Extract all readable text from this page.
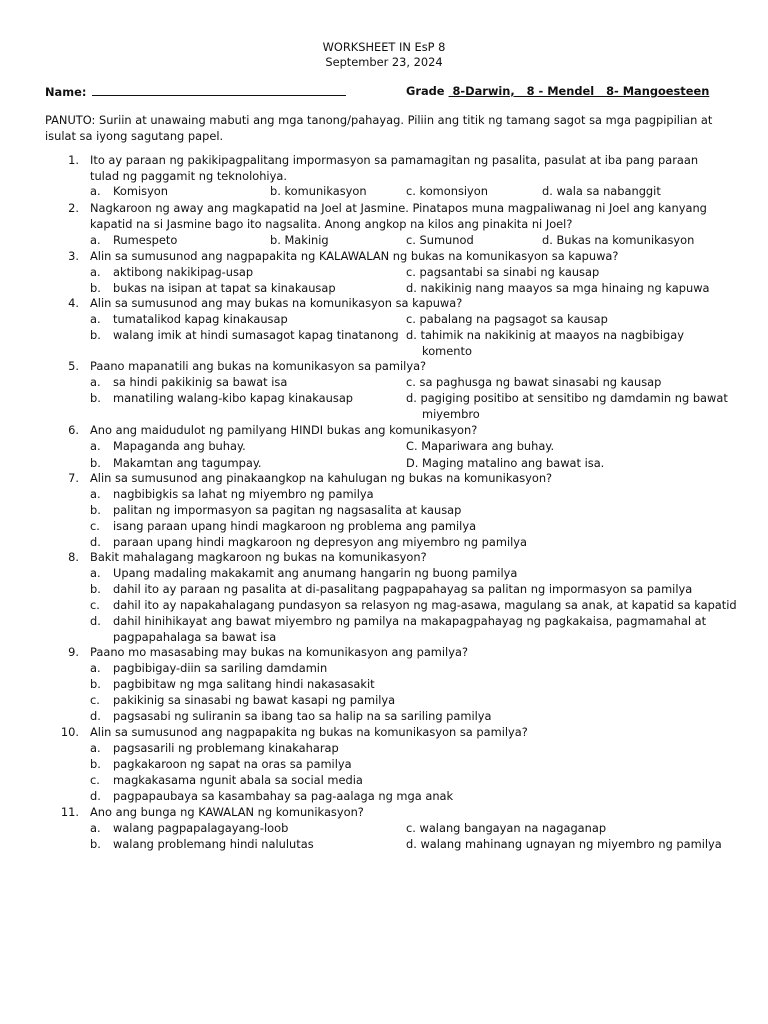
WORKSHEET IN EsP 8
September 23, 2024
Name:	Grade  8-Darwin,   8 - Mendel   8- Mangoesteen
PANUTO: Suriin at unawaing mabuti ang mga tanong/pahayag. Piliin ang titik ng tamang sagot sa mga pagpipilian at isulat sa iyong sagutang papel.
1. Ito ay paraan ng pakikipagpalitang impormasyon sa pamamagitan ng pasalita, pasulat at iba pang paraan tulad ng paggamit ng teknolohiya.
a. Komisyon	b. komunikasyon	c. komonsiyon	d. wala sa nabanggit
2. Nagkaroon ng away ang magkapatid na Joel at Jasmine. Pinatapos muna magpaliwanag ni Joel ang kanyang kapatid na si Jasmine bago ito nagsalita. Anong angkop na kilos ang pinakita ni Joel?
a. Rumespeto	b. Makinig	c. Sumunod	d. Bukas na komunikasyon
3. Alin sa sumusunod ang nagpapakita ng KALAWALAN ng bukas na komunikasyon sa kapuwa?
a. aktibong nakikipag-usap	c. pagsantabi sa sinabi ng kausap
b. bukas na isipan at tapat sa kinakausap	d. nakikinig nang maayos sa mga hinaing ng kapuwa
4. Alin sa sumusunod ang may bukas na komunikasyon sa kapuwa?
a. tumatalikod kapag kinakausap	c. pabalang na pagsagot sa kausap
b. walang imik at hindi sumasagot kapag tinatanong d. tahimik na nakikinig at maayos na nagbibigay
komento
5. Paano mapanatili ang bukas na komunikasyon sa pamilya?
a. sa hindi pakikinig sa bawat isa	c. sa paghusga ng bawat sinasabi ng kausap
b. manatiling walang-kibo kapag kinakausap	d. pagiging positibo at sensitibo ng damdamin ng bawat
miyembro
6. Ano ang maidudulot ng pamilyang HINDI bukas ang komunikasyon?
a. Mapaganda ang buhay.	C. Mapariwara ang buhay.
b. Makamtan ang tagumpay.	D. Maging matalino ang bawat isa.
7. Alin sa sumusunod ang pinakaangkop na kahulugan ng bukas na komunikasyon?
a. nagbibigkis sa lahat ng miyembro ng pamilya
b. palitan ng impormasyon sa pagitan ng nagsasalita at kausap
c. isang paraan upang hindi magkaroon ng problema ang pamilya
d. paraan upang hindi magkaroon ng depresyon ang miyembro ng pamilya
8. Bakit mahalagang magkaroon ng bukas na komunikasyon?
a. Upang madaling makakamit ang anumang hangarin ng buong pamilya
b. dahil ito ay paraan ng pasalita at di-pasalitang pagpapahayag sa palitan ng impormasyon sa pamilya
c. dahil ito ay napakahalagang pundasyon sa relasyon ng mag-asawa, magulang sa anak, at kapatid sa kapatid
d. dahil hinihikayat ang bawat miyembro ng pamilya na makapagpahayag ng pagkakaisa, pagmamahal at pagpapahalaga sa bawat isa
9. Paano mo masasabing may bukas na komunikasyon ang pamilya?
a. pagbibigay-diin sa sariling damdamin
b. pagbibitaw ng mga salitang hindi nakasasakit
c. pakikinig sa sinasabi ng bawat kasapi ng pamilya
d. pagsasabi ng suliranin sa ibang tao sa halip na sa sariling pamilya
10. Alin sa sumusunod ang nagpapakita ng bukas na komunikasyon sa pamilya?
a. pagsasarili ng problemang kinakaharap
b. pagkakaroon ng sapat na oras sa pamilya
c. magkakasama ngunit abala sa social media
d. pagpapaubaya sa kasambahay sa pag-aalaga ng mga anak
11. Ano ang bunga ng KAWALAN ng komunikasyon?
a. walang pagpapalagayang-loob	c. walang bangayan na nagaganap
b. walang problemang hindi nalulutas	d. walang mahinang ugnayan ng miyembro ng pamilya
